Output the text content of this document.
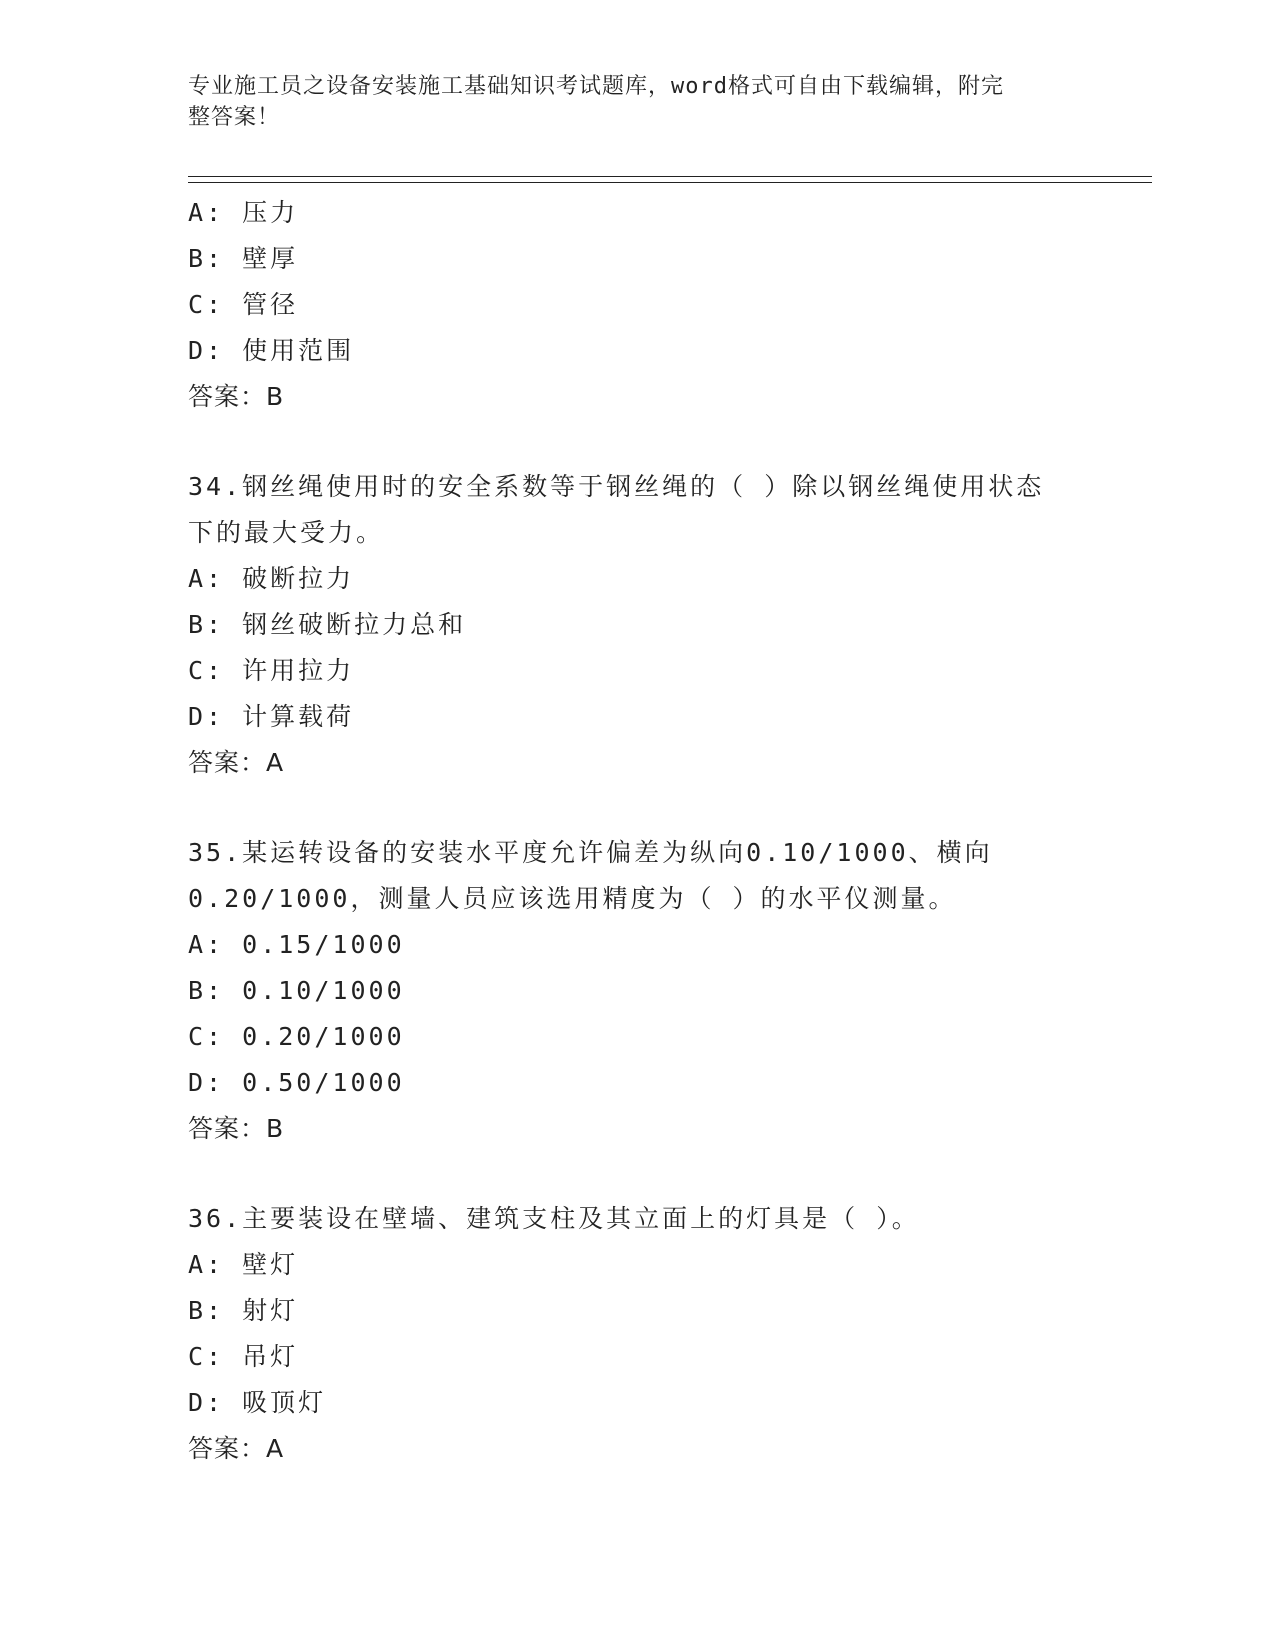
专业施工员之设备安装施工基础知识考试题库，word格式可自由下载编辑，附完
整答案！
A: 压力
B: 壁厚
C: 管径
D: 使用范围
答案：B
34.钢丝绳使用时的安全系数等于钢丝绳的（ ）除以钢丝绳使用状态
下的最大受力。
A: 破断拉力
B: 钢丝破断拉力总和
C: 许用拉力
D: 计算载荷
答案：A
35.某运转设备的安装水平度允许偏差为纵向0.10/1000、横向
0.20/1000，测量人员应该选用精度为（ ）的水平仪测量。
A: 0.15/1000
B: 0.10/1000
C: 0.20/1000
D: 0.50/1000
答案：B
36.主要装设在壁墙、建筑支柱及其立面上的灯具是（ ）。
A: 壁灯
B: 射灯
C: 吊灯
D: 吸顶灯
答案：A
